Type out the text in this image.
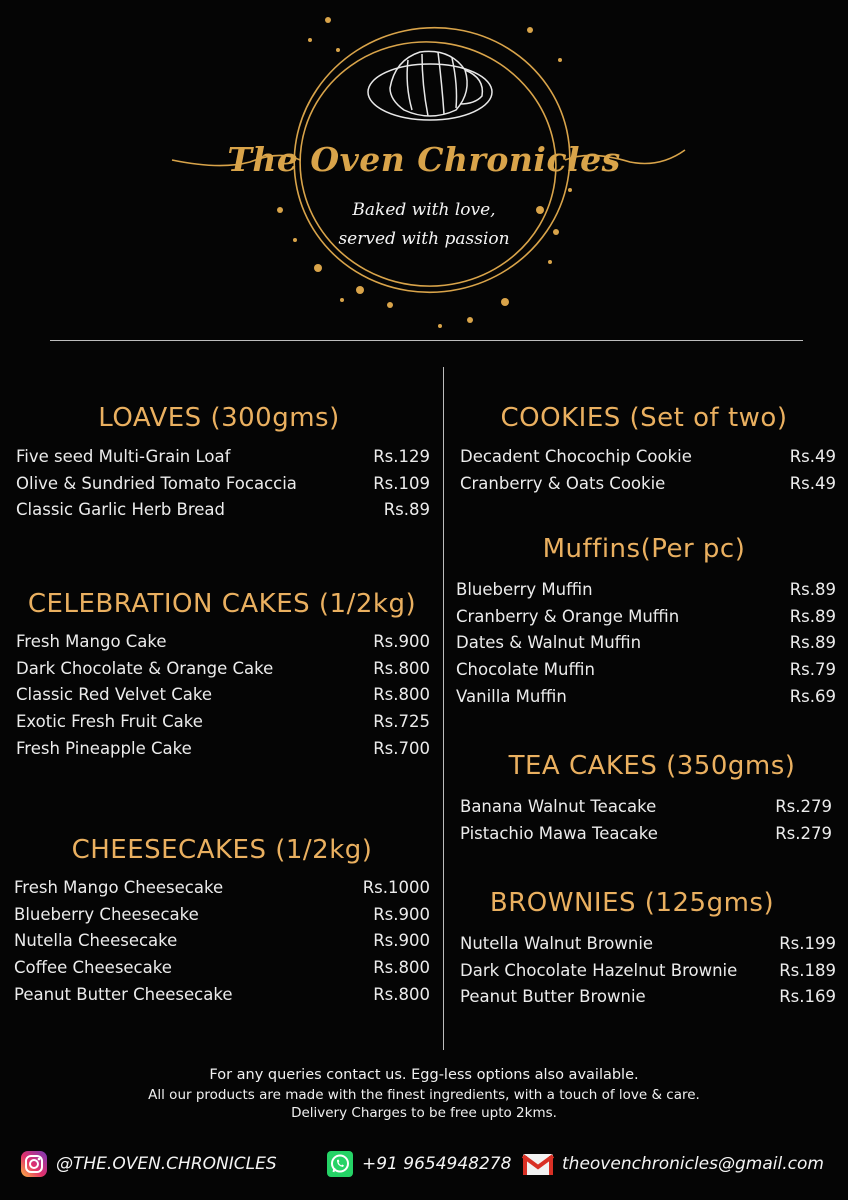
The Oven Chronicles
Baked with love,
served with passion
LOAVES (300gms)
Five seed Multi-Grain Loaf	Rs.129
Olive & Sundried Tomato Focaccia	Rs.109
Classic Garlic Herb Bread	Rs.89
CELEBRATION CAKES (1/2kg)
Fresh Mango Cake	Rs.900
Dark Chocolate & Orange Cake	Rs.800
Classic Red Velvet Cake	Rs.800
Exotic Fresh Fruit Cake	Rs.725
Fresh Pineapple Cake	Rs.700
CHEESECAKES (1/2kg)
Fresh Mango Cheesecake	Rs.1000
Blueberry Cheesecake	Rs.900
Nutella Cheesecake	Rs.900
Coffee Cheesecake	Rs.800
Peanut Butter Cheesecake	Rs.800
COOKIES (Set of two)
Decadent Chocochip Cookie	Rs.49
Cranberry & Oats Cookie	Rs.49
Muffins(Per pc)
Blueberry Muffin	Rs.89
Cranberry & Orange Muffin	Rs.89
Dates & Walnut Muffin	Rs.89
Chocolate Muffin	Rs.79
Vanilla Muffin	Rs.69
TEA CAKES (350gms)
Banana Walnut Teacake	Rs.279
Pistachio Mawa Teacake	Rs.279
BROWNIES (125gms)
Nutella Walnut Brownie	Rs.199
Dark Chocolate Hazelnut Brownie	Rs.189
Peanut Butter Brownie	Rs.169
For any queries contact us. Egg-less options also available.
All our products are made with the finest ingredients, with a touch of love & care.
Delivery Charges to be free upto 2kms.
@THE.OVEN.CHRONICLES	+91 9654948278	theovenchronicles@gmail.com
